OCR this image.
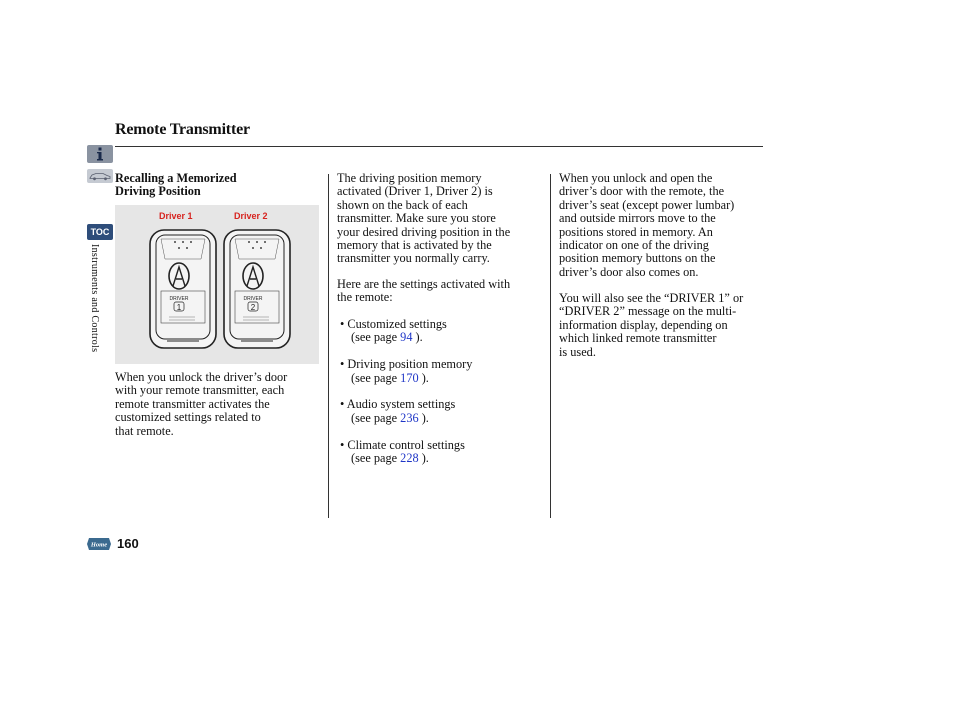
Remote Transmitter
TOC
Instruments and Controls
Home 160
Recalling a Memorized
Driving Position
Driver 1	Driver 2
DRIVER
1
DRIVER
2
When you unlock the driver’s door
with your remote transmitter, each
remote transmitter activates the
customized settings related to
that remote.
The driving position memory
activated (Driver 1, Driver 2) is
shown on the back of each
transmitter. Make sure you store
your desired driving position in the
memory that is activated by the
transmitter you normally carry.
Here are the settings activated with
the remote:
• Customized settings
(see page 94 ).
• Driving position memory
(see page 170 ).
• Audio system settings
(see page 236 ).
• Climate control settings
(see page 228 ).
When you unlock and open the
driver’s door with the remote, the
driver’s seat (except power lumbar)
and outside mirrors move to the
positions stored in memory. An
indicator on one of the driving
position memory buttons on the
driver’s door also comes on.
You will also see the “DRIVER 1” or
“DRIVER 2” message on the multi-
information display, depending on
which linked remote transmitter
is used.
